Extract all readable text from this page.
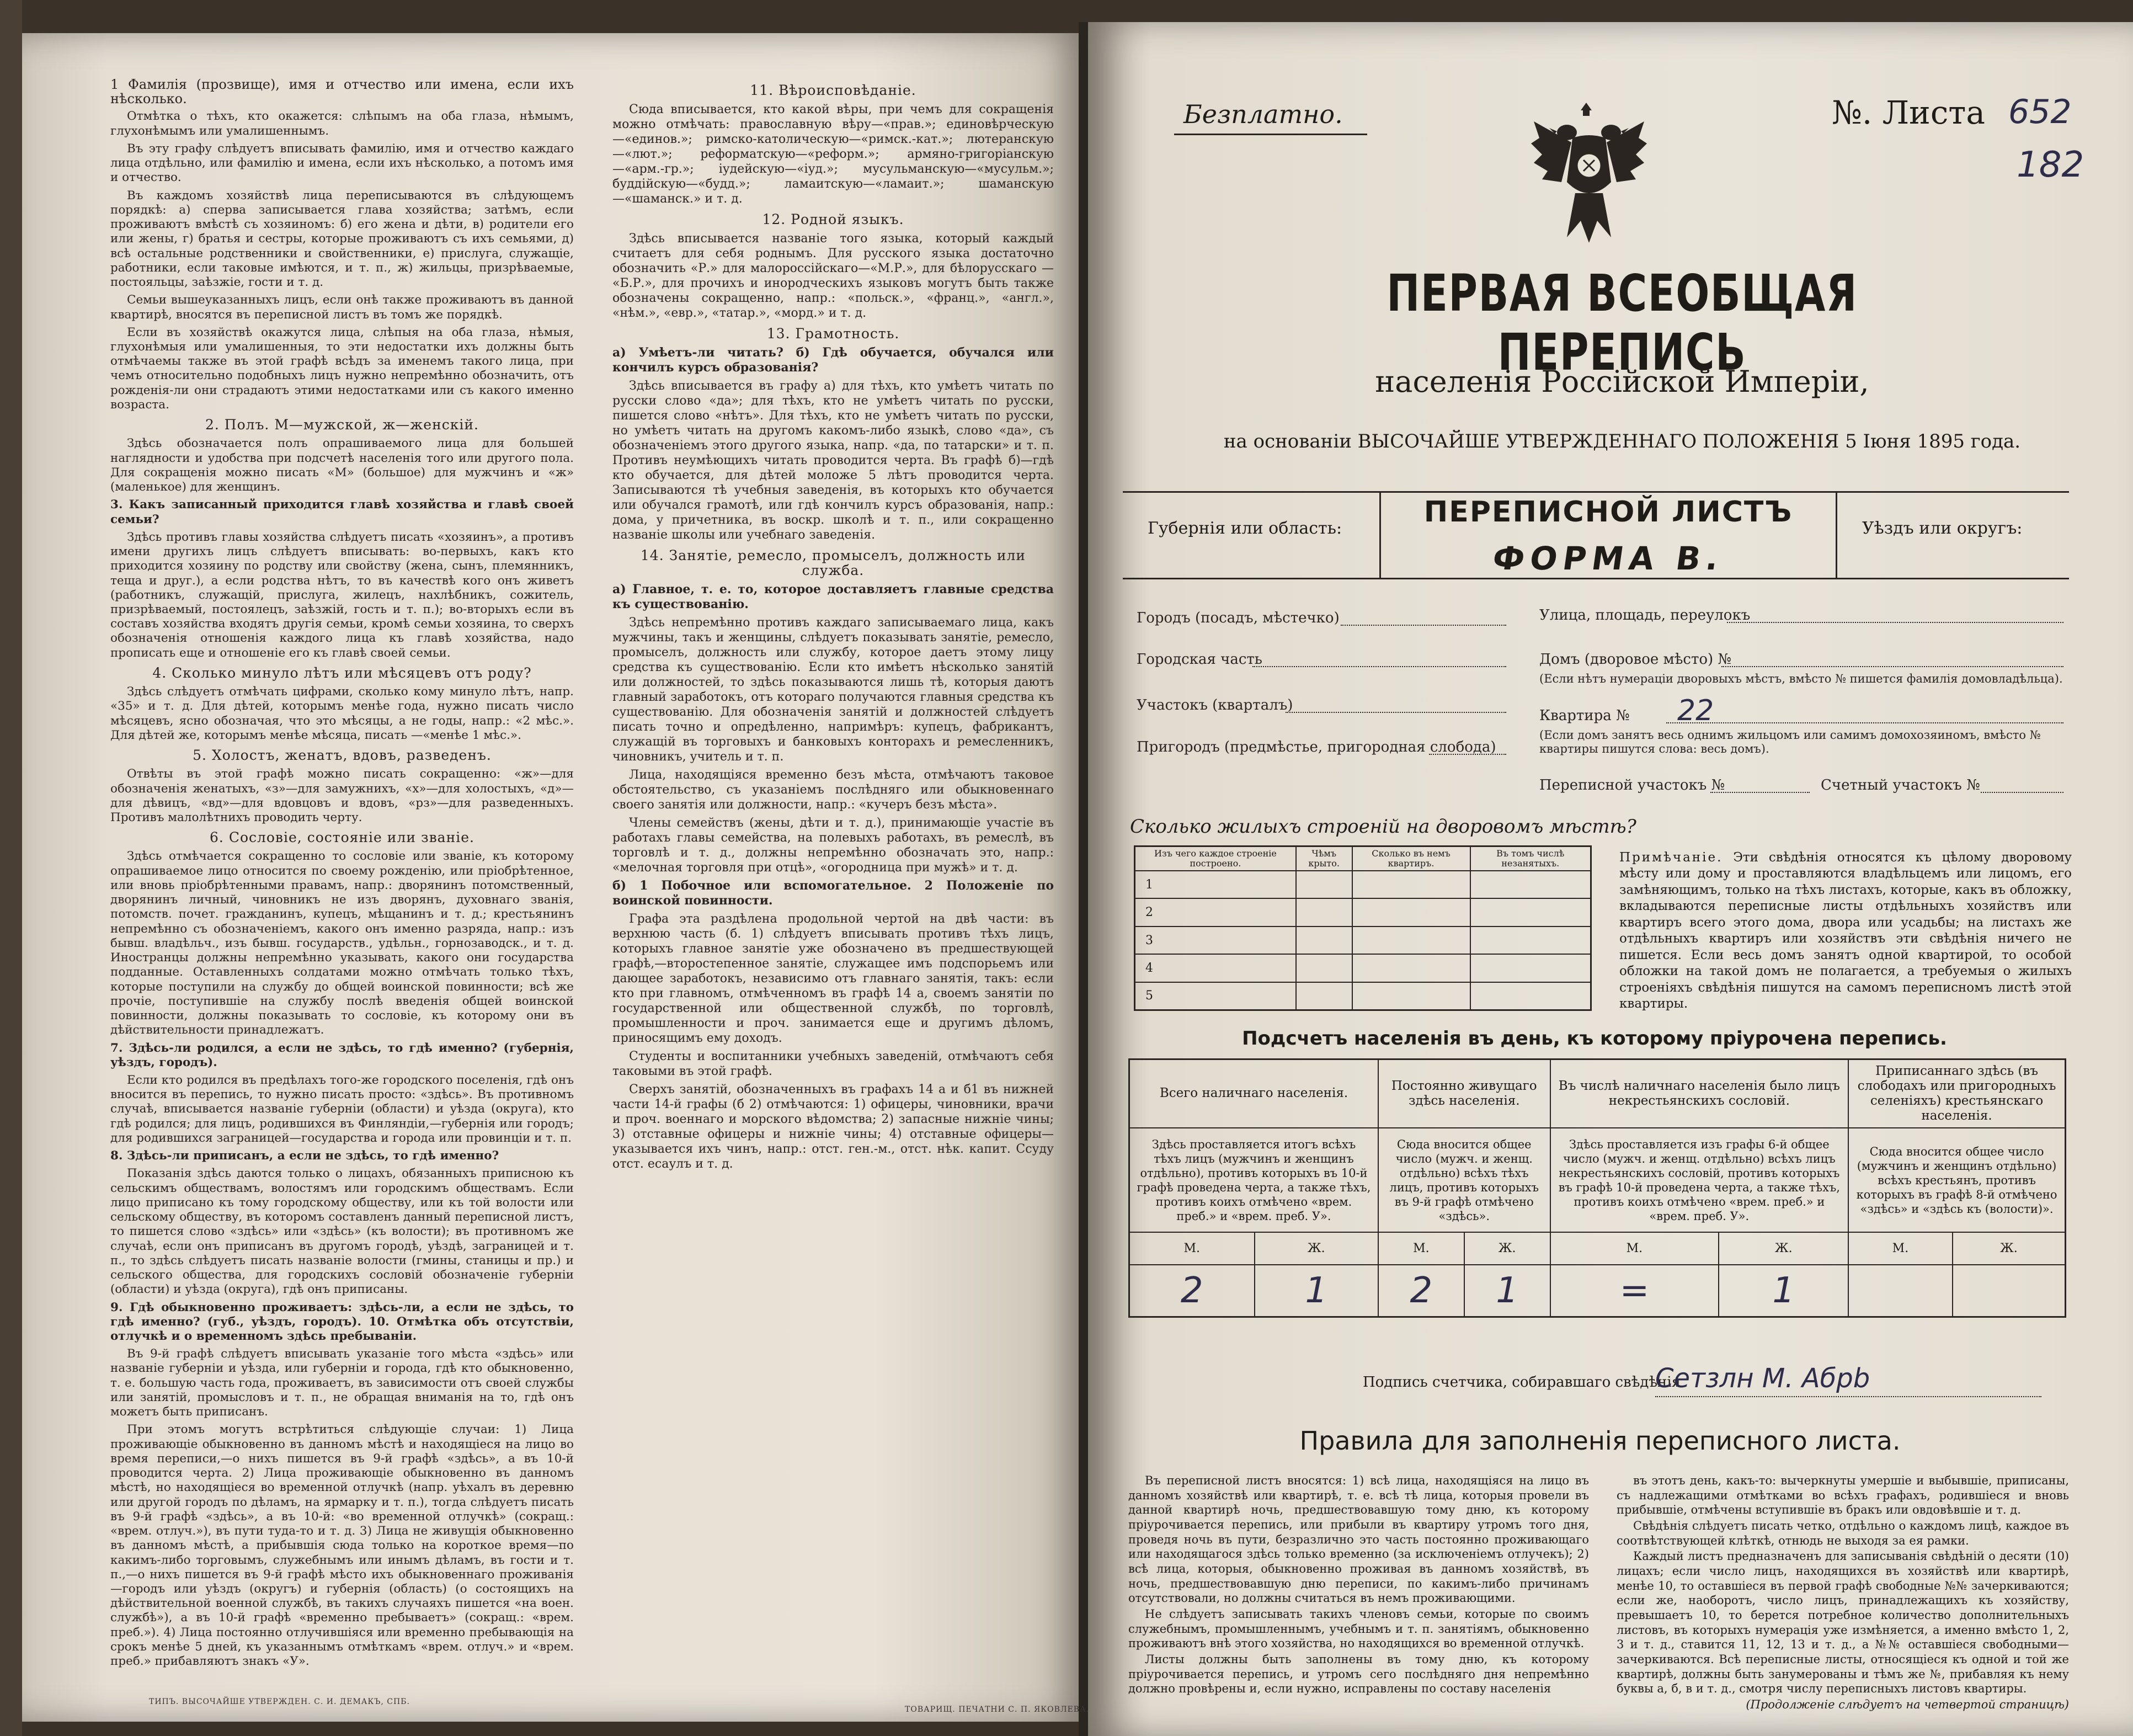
1 Фамилія (прозвище), имя и отчество или имена, если ихъ нѣсколько.

Отмѣтка о тѣхъ, кто окажется: слѣпымъ на оба глаза, нѣмымъ, глухонѣмымъ или умалишеннымъ.

Въ эту графу слѣдуетъ вписывать фамилію, имя и отчество каждаго лица отдѣльно, или фамилію и имена, если ихъ нѣсколько, а потомъ имя и отчество.

Въ каждомъ хозяйствѣ лица переписываются въ слѣдующемъ порядкѣ: а) сперва записывается глава хозяйства; затѣмъ, если проживаютъ вмѣстѣ съ хозяиномъ: б) его жена и дѣти, в) родители его или жены, г) братья и сестры, которые проживаютъ съ ихъ семьями, д) всѣ остальные родственники и свойственники, е) прислуга, служащіе, работники, если таковые имѣются, и т. п., ж) жильцы, призрѣваемые, постояльцы, заѣзжіе, гости и т. д.

Семьи вышеуказанныхъ лицъ, если онѣ также проживаютъ въ данной квартирѣ, вносятся въ переписной листъ въ томъ же порядкѣ.

Если въ хозяйствѣ окажутся лица, слѣпыя на оба глаза, нѣмыя, глухонѣмыя или умалишенныя, то эти недостатки ихъ должны быть отмѣчаемы также въ этой графѣ всѣдъ за именемъ такого лица, при чемъ относительно подобныхъ лицъ нужно непремѣнно обозначить, отъ рожденія-ли они страдаютъ этими недостатками или съ какого именно возраста.

2. Полъ. М—мужской, ж—женскій.

Здѣсь обозначается полъ опрашиваемого лица для большей наглядности и удобства при подсчетѣ населенія того или другого пола. Для сокращенія можно писать «М» (большое) для мужчинъ и «ж» (маленькое) для женщинъ.

3. Какъ записанный приходится главѣ хозяйства и главѣ своей семьи?

Здѣсь противъ главы хозяйства слѣдуетъ писать «хозяинъ», а противъ имени другихъ лицъ слѣдуетъ вписывать: во-первыхъ, какъ кто приходится хозяину по родству или свойству (жена, сынъ, племянникъ, теща и друг.), а если родства нѣтъ, то въ качествѣ кого онъ живетъ (работникъ, служащій, прислуга, жилецъ, нахлѣбникъ, сожитель, призрѣваемый, постоялецъ, заѣзжій, гость и т. п.); во-вторыхъ если въ составъ хозяйства входятъ другія семьи, кромѣ семьи хозяина, то сверхъ обозначенія отношенія каждого лица къ главѣ хозяйства, надо прописать еще и отношеніе его къ главѣ своей семьи.

4. Сколько минуло лѣтъ или мѣсяцевъ отъ роду?

Здѣсь слѣдуетъ отмѣчать цифрами, сколько кому минуло лѣтъ, напр. «35» и т. д. Для дѣтей, которымъ менѣе года, нужно писать число мѣсяцевъ, ясно обозначая, что это мѣсяцы, а не годы, напр.: «2 мѣс.». Для дѣтей же, которымъ менѣе мѣсяца, писать —«менѣе 1 мѣс.».

5. Холостъ, женатъ, вдовъ, разведенъ.

Отвѣты въ этой графѣ можно писать сокращенно: «ж»—для обозначенія женатыхъ, «з»—для замужнихъ, «х»—для холостыхъ, «д»—для дѣвицъ, «вд»—для вдовцовъ и вдовъ, «рз»—для разведенныхъ. Противъ малолѣтнихъ проводить черту.

6. Сословіе, состояніе или званіе.

Здѣсь отмѣчается сокращенно то сословіе или званіе, къ которому опрашиваемое лицо относится по своему рожденію, или пріобрѣтенное, или вновь пріобрѣтенными правамъ, напр.: дворянинъ потомственный, дворянинъ личный, чиновникъ не изъ дворянъ, духовнаго званія, потомств. почет. гражданинъ, купецъ, мѣщанинъ и т. д.; крестьянинъ непремѣнно съ обозначеніемъ, какого онъ именно разряда, напр.: изъ бывш. владѣльч., изъ бывш. государств., удѣльн., горнозаводск., и т. д. Иностранцы должны непремѣнно указывать, какого они государства подданные. Оставленныхъ солдатами можно отмѣчать только тѣхъ, которые поступили на службу до общей воинской повинности; всѣ же прочіе, поступившіе на службу послѣ введенія общей воинской повинности, должны показывать то сословіе, къ которому они въ дѣйствительности принадлежатъ.

7. Здѣсь-ли родился, а если не здѣсь, то гдѣ именно? (губернія, уѣздъ, городъ).

Если кто родился въ предѣлахъ того-же городского поселенія, гдѣ онъ вносится въ перепись, то нужно писать просто: «здѣсь». Въ противномъ случаѣ, вписывается названіе губерніи (области) и уѣзда (округа), кто гдѣ родился; для лицъ, родившихся въ Финляндіи,—губернія или городъ; для родившихся заграницей—государства и города или провинціи и т. п.

8. Здѣсь-ли приписанъ, а если не здѣсь, то гдѣ именно?

Показанія здѣсь даются только о лицахъ, обязанныхъ приписною къ сельскимъ обществамъ, волостямъ или городскимъ обществамъ. Если лицо приписано къ тому городскому обществу, или къ той волости или сельскому обществу, въ которомъ составленъ данный переписной листъ, то пишется слово «здѣсь» или «здѣсь» (къ волости); въ противномъ же случаѣ, если онъ приписанъ въ другомъ городѣ, уѣздѣ, заграницей и т. п., то здѣсь слѣдуетъ писать названіе волости (гмины, станицы и пр.) и сельского общества, для городскихъ сословій обозначеніе губерніи (области) и уѣзда (округа), гдѣ онъ приписаны.

9. Гдѣ обыкновенно проживаетъ: здѣсь-ли, а если не здѣсь, то гдѣ именно? (губ., уѣздъ, городъ). 10. Отмѣтка объ отсутствіи, отлучкѣ и о временномъ здѣсь пребываніи.

Въ 9-й графѣ слѣдуетъ вписывать указаніе того мѣста «здѣсь» или названіе губерніи и уѣзда, или губерніи и города, гдѣ кто обыкновенно, т. е. большую часть года, проживаетъ, въ зависимости отъ своей службы или занятій, промысловъ и т. п., не обращая вниманія на то, гдѣ онъ можетъ быть приписанъ.

При этомъ могутъ встрѣтиться слѣдующіе случаи: 1) Лица проживающіе обыкновенно въ данномъ мѣстѣ и находящіеся на лицо во время переписи,—о нихъ пишется въ 9-й графѣ «здѣсь», а въ 10-й проводится черта. 2) Лица проживающіе обыкновенно въ данномъ мѣстѣ, но находящіеся во временной отлучкѣ (напр. уѣхалъ въ деревню или другой городъ по дѣламъ, на ярмарку и т. п.), тогда слѣдуетъ писать въ 9-й графѣ «здѣсь», а въ 10-й: «во временной отлучкѣ» (сокращ.: «врем. отлуч.»), въ пути туда-то и т. д. 3) Лица не живущія обыкновенно въ данномъ мѣстѣ, а прибывшія сюда только на короткое время—по какимъ-либо торговымъ, служебнымъ или инымъ дѣламъ, въ гости и т. п.,—о нихъ пишется въ 9-й графѣ мѣсто ихъ обыкновеннаго проживанія—городъ или уѣздъ (округъ) и губернія (область) (о состоящихъ на дѣйствительной военной службѣ, въ такихъ случаяхъ пишется «на воен. службѣ»), а въ 10-й графѣ «временно пребываетъ» (сокращ.: «врем. преб.»). 4) Лица постоянно отлучившіяся или временно пребывающія на срокъ менѣе 5 дней, къ указаннымъ отмѣткамъ «врем. отлуч.» и «врем. преб.» прибавляютъ знакъ «У».

11. Вѣроисповѣданіе.

Сюда вписывается, кто какой вѣры, при чемъ для сокращенія можно отмѣчать: православную вѣру—«прав.»; единовѣрческую—«единов.»; римско-католическую—«римск.-кат.»; лютеранскую—«лют.»; реформатскую—«реформ.»; армяно-григоріанскую—«арм.-гр.»; іудейскую—«іуд.»; мусульманскую—«мусульм.»; буддійскую—«будд.»; ламаитскую—«ламаит.»; шаманскую—«шаманск.» и т. д.

12. Родной языкъ.

Здѣсь вписывается названіе того языка, который каждый считаетъ для себя роднымъ. Для русского языка достаточно обозначить «Р.» для малороссійскаго—«М.Р.», для бѣлорусскаго — «Б.Р.», для прочихъ и инородческихъ языковъ могутъ быть также обозначены сокращенно, напр.: «польск.», «франц.», «англ.», «нѣм.», «евр.», «татар.», «морд.» и т. д.

13. Грамотность.

а) Умѣетъ-ли читать? б) Гдѣ обучается, обучался или кончилъ курсъ образованія?

Здѣсь вписывается въ графу а) для тѣхъ, кто умѣетъ читать по русски слово «да»; для тѣхъ, кто не умѣетъ читать по русски, пишется слово «нѣтъ». Для тѣхъ, кто не умѣетъ читать по русски, но умѣетъ читать на другомъ какомъ-либо языкѣ, слово «да», съ обозначеніемъ этого другого языка, напр. «да, по татарски» и т. п. Противъ неумѣющихъ читать проводится черта. Въ графѣ б)—гдѣ кто обучается, для дѣтей моложе 5 лѣтъ проводится черта. Записываются тѣ учебныя заведенія, въ которыхъ кто обучается или обучался грамотѣ, или гдѣ кончилъ курсъ образованія, напр.: дома, у причетника, въ воскр. школѣ и т. п., или сокращенно названіе школы или учебнаго заведенія.

14. Занятіе, ремесло, промыселъ, должность или служба.

а) Главное, т. е. то, которое доставляетъ главные средства къ существованію.

Здѣсь непремѣнно противъ каждаго записываемаго лица, какъ мужчины, такъ и женщины, слѣдуетъ показывать занятіе, ремесло, промыселъ, должность или службу, которое даетъ этому лицу средства къ существованію. Если кто имѣетъ нѣсколько занятій или должностей, то здѣсь показываются лишь тѣ, которыя даютъ главный заработокъ, отъ котораго получаются главныя средства къ существованію. Для обозначенія занятій и должностей слѣдуетъ писать точно и опредѣленно, напримѣръ: купецъ, фабрикантъ, служащій въ торговыхъ и банковыхъ конторахъ и ремесленникъ, чиновникъ, учитель и т. п.

Лица, находящіяся временно безъ мѣста, отмѣчаютъ таковое обстоятельство, съ указаніемъ послѣдняго или обыкновеннаго своего занятія или должности, напр.: «кучеръ безъ мѣста».

Члены семействъ (жены, дѣти и т. д.), принимающіе участіе въ работахъ главы семейства, на полевыхъ работахъ, въ ремеслѣ, въ торговлѣ и т. д., должны непремѣнно обозначать это, напр.: «мелочная торговля при отцѣ», «огородница при мужѣ» и т. д.

б) 1 Побочное или вспомогательное. 2 Положеніе по воинской повинности.

Графа эта раздѣлена продольной чертой на двѣ части: въ верхнюю часть (б. 1) слѣдуетъ вписывать противъ тѣхъ лицъ, которыхъ главное занятіе уже обозначено въ предшествующей графѣ,—второстепенное занятіе, служащее имъ подспорьемъ или дающее заработокъ, независимо отъ главнаго занятія, такъ: если кто при главномъ, отмѣченномъ въ графѣ 14 а, своемъ занятіи по государственной или общественной службѣ, по торговлѣ, промышленности и проч. занимается еще и другимъ дѣломъ, приносящимъ ему доходъ.

Студенты и воспитанники учебныхъ заведеній, отмѣчаютъ себя таковыми въ этой графѣ.

Сверхъ занятій, обозначенныхъ въ графахъ 14 а и б1 въ нижней части 14-й графы (б 2) отмѣчаются: 1) офицеры, чиновники, врачи и проч. военнаго и морского вѣдомства; 2) запасные нижніе чины; 3) отставные офицеры и нижніе чины; 4) отставные офицеры—указывается ихъ чинъ, напр.: отст. ген.-м., отст. нѣк. капит. Ссуду отст. есаулъ и т. д.

ТИПЪ. ВЫСОЧАЙШЕ УТВЕРЖДЕН. С. И. ДЕМАКЪ, СПБ.
ТОВАРИЩ. ПЕЧАТНИ С. П. ЯКОВЛЕВА.
Безплатно.	№. Листа 652
182
ПЕРВАЯ ВСЕОБЩАЯ ПЕРЕПИСЬ
населенія Россійской Имперіи,
на основаніи ВЫСОЧАЙШЕ УТВЕРЖДЕННАГО ПОЛОЖЕНІЯ 5 Іюня 1895 года.
Губернія или область:	Уѣздъ или округъ:
ПЕРЕПИСНОЙ ЛИСТЪ
ФОРМА В.
Городъ (посадъ, мѣстечко)
Городская часть
Участокъ (кварталъ)
Пригородъ (предмѣстье, пригородная слобода)
Улица, площадь, переулокъ
Домъ (дворовое мѣсто) №
(Если нѣтъ нумераціи дворовыхъ мѣстъ, вмѣсто № пишется фамилія домовладѣльца).
Квартира № 22
(Если домъ занятъ весь однимъ жильцомъ или самимъ домохозяиномъ, вмѣсто № квартиры пишутся слова: весь домъ).
Переписной участокъ №	Счетный участокъ №
Сколько жилыхъ строеній на дворовомъ мѣстѣ?
Изъ чего каждое строеніе построено.	Чѣмъ крыто.	Сколько въ немъ квартиръ.	Въ томъ числѣ незанятыхъ.
1			
2			
3			
4			
5			
Примѣчаніе. Эти свѣдѣнія относятся къ цѣлому дворовому мѣсту или дому и проставляются владѣльцемъ или лицомъ, его замѣняющимъ, только на тѣхъ листахъ, которые, какъ въ обложку, вкладываются переписные листы отдѣльныхъ хозяйствъ или квартиръ всего этого дома, двора или усадьбы; на листахъ же отдѣльныхъ квартиръ или хозяйствъ эти свѣдѣнія ничего не пишется. Если весь домъ занятъ одной квартирой, то особой обложки на такой домъ не полагается, а требуемыя о жилыхъ строеніяхъ свѣдѣнія пишутся на самомъ переписномъ листѣ этой квартиры.
Подсчетъ населенія въ день, къ которому пріурочена перепись.
Всего наличнаго населенія.		Постоянно живущаго здѣсь населенія.		Въ числѣ наличнаго населенія было лицъ некрестьянскихъ сословій.		Приписаннаго здѣсь (въ слободахъ или пригородныхъ селеніяхъ) крестьянскаго населенія.	
Здѣсь проставляется итогъ всѣхъ тѣхъ лицъ (мужчинъ и женщинъ отдѣльно), противъ которыхъ въ 10-й графѣ проведена черта, а также тѣхъ, противъ коихъ отмѣчено «врем. преб.» и «врем. преб. У».		Сюда вносится общее число (мужч. и женщ. отдѣльно) всѣхъ тѣхъ лицъ, противъ которыхъ въ 9-й графѣ отмѣчено «здѣсь».		Здѣсь проставляется изъ графы 6-й общее число (мужч. и женщ. отдѣльно) всѣхъ лицъ некрестьянскихъ сословій, противъ которыхъ въ графѣ 10-й проведена черта, а также тѣхъ, противъ коихъ отмѣчено «врем. преб.» и «врем. преб. У».		Сюда вносится общее число (мужчинъ и женщинъ отдѣльно) всѣхъ крестьянъ, противъ которыхъ въ графѣ 8-й отмѣчено «здѣсь» и «здѣсь къ (волости)».	
М.	Ж.	М.	Ж.	М.	Ж.	М.	Ж.
2	1	2	1	=	1		
Подпись счетчика, собиравшаго свѣдѣнія
Сетзлн М. Абрb
Правила для заполненія переписного листа.

Въ переписной листъ вносятся: 1) всѣ лица, находящіяся на лицо въ данномъ хозяйствѣ или квартирѣ, т. е. всѣ тѣ лица, которыя провели въ данной квартирѣ ночь, предшествовавшую тому дню, къ которому пріурочивается перепись, или прибыли въ квартиру утромъ того дня, проведя ночь въ пути, безразлично это часть постоянно проживающаго или находящагося здѣсь только временно (за исключеніемъ отлучекъ); 2) всѣ лица, которыя, обыкновенно проживая въ данномъ хозяйствѣ, въ ночь, предшествовавшую дню переписи, по какимъ-либо причинамъ отсутствовали, но должны считаться въ немъ проживающими.

Не слѣдуетъ записывать такихъ членовъ семьи, которые по своимъ служебнымъ, промышленнымъ, учебнымъ и т. п. занятіямъ, обыкновенно проживаютъ внѣ этого хозяйства, но находящихся во временной отлучкѣ.

Листы должны быть заполнены въ тому дню, къ которому пріурочивается перепись, и утромъ сего послѣдняго дня непремѣнно должно провѣрены и, если нужно, исправлены по составу населенія

въ этотъ день, какъ-то: вычеркнуты умершіе и выбывшіе, приписаны, съ надлежащими отмѣтками во всѣхъ графахъ, родившіеся и вновь прибывшіе, отмѣчены вступившіе въ бракъ или овдовѣвшіе и т. д.

Свѣдѣнія слѣдуетъ писать четко, отдѣльно о каждомъ лицѣ, каждое въ соотвѣтствующей клѣткѣ, отнюдь не выходя за ея рамки.

Каждый листъ предназначенъ для записыванія свѣдѣній о десяти (10) лицахъ; если число лицъ, находящихся въ хозяйствѣ или квартирѣ, менѣе 10, то оставшіеся въ первой графѣ свободные №№ зачеркиваются; если же, наоборотъ, число лицъ, принадлежащихъ къ хозяйству, превышаетъ 10, то берется потребное количество дополнительныхъ листовъ, въ которыхъ нумерація уже измѣняется, а именно вмѣсто 1, 2, 3 и т. д., ставится 11, 12, 13 и т. д., а №№ оставшіеся свободными—зачеркиваются. Всѣ переписные листы, относящіеся къ одной и той же квартирѣ, должны быть занумерованы и тѣмъ же №, прибавляя къ нему буквы а, б, в и т. д., смотря числу переписныхъ листовъ квартиры.

(Продолженіе слѣдуетъ на четвертой страницѣ)
